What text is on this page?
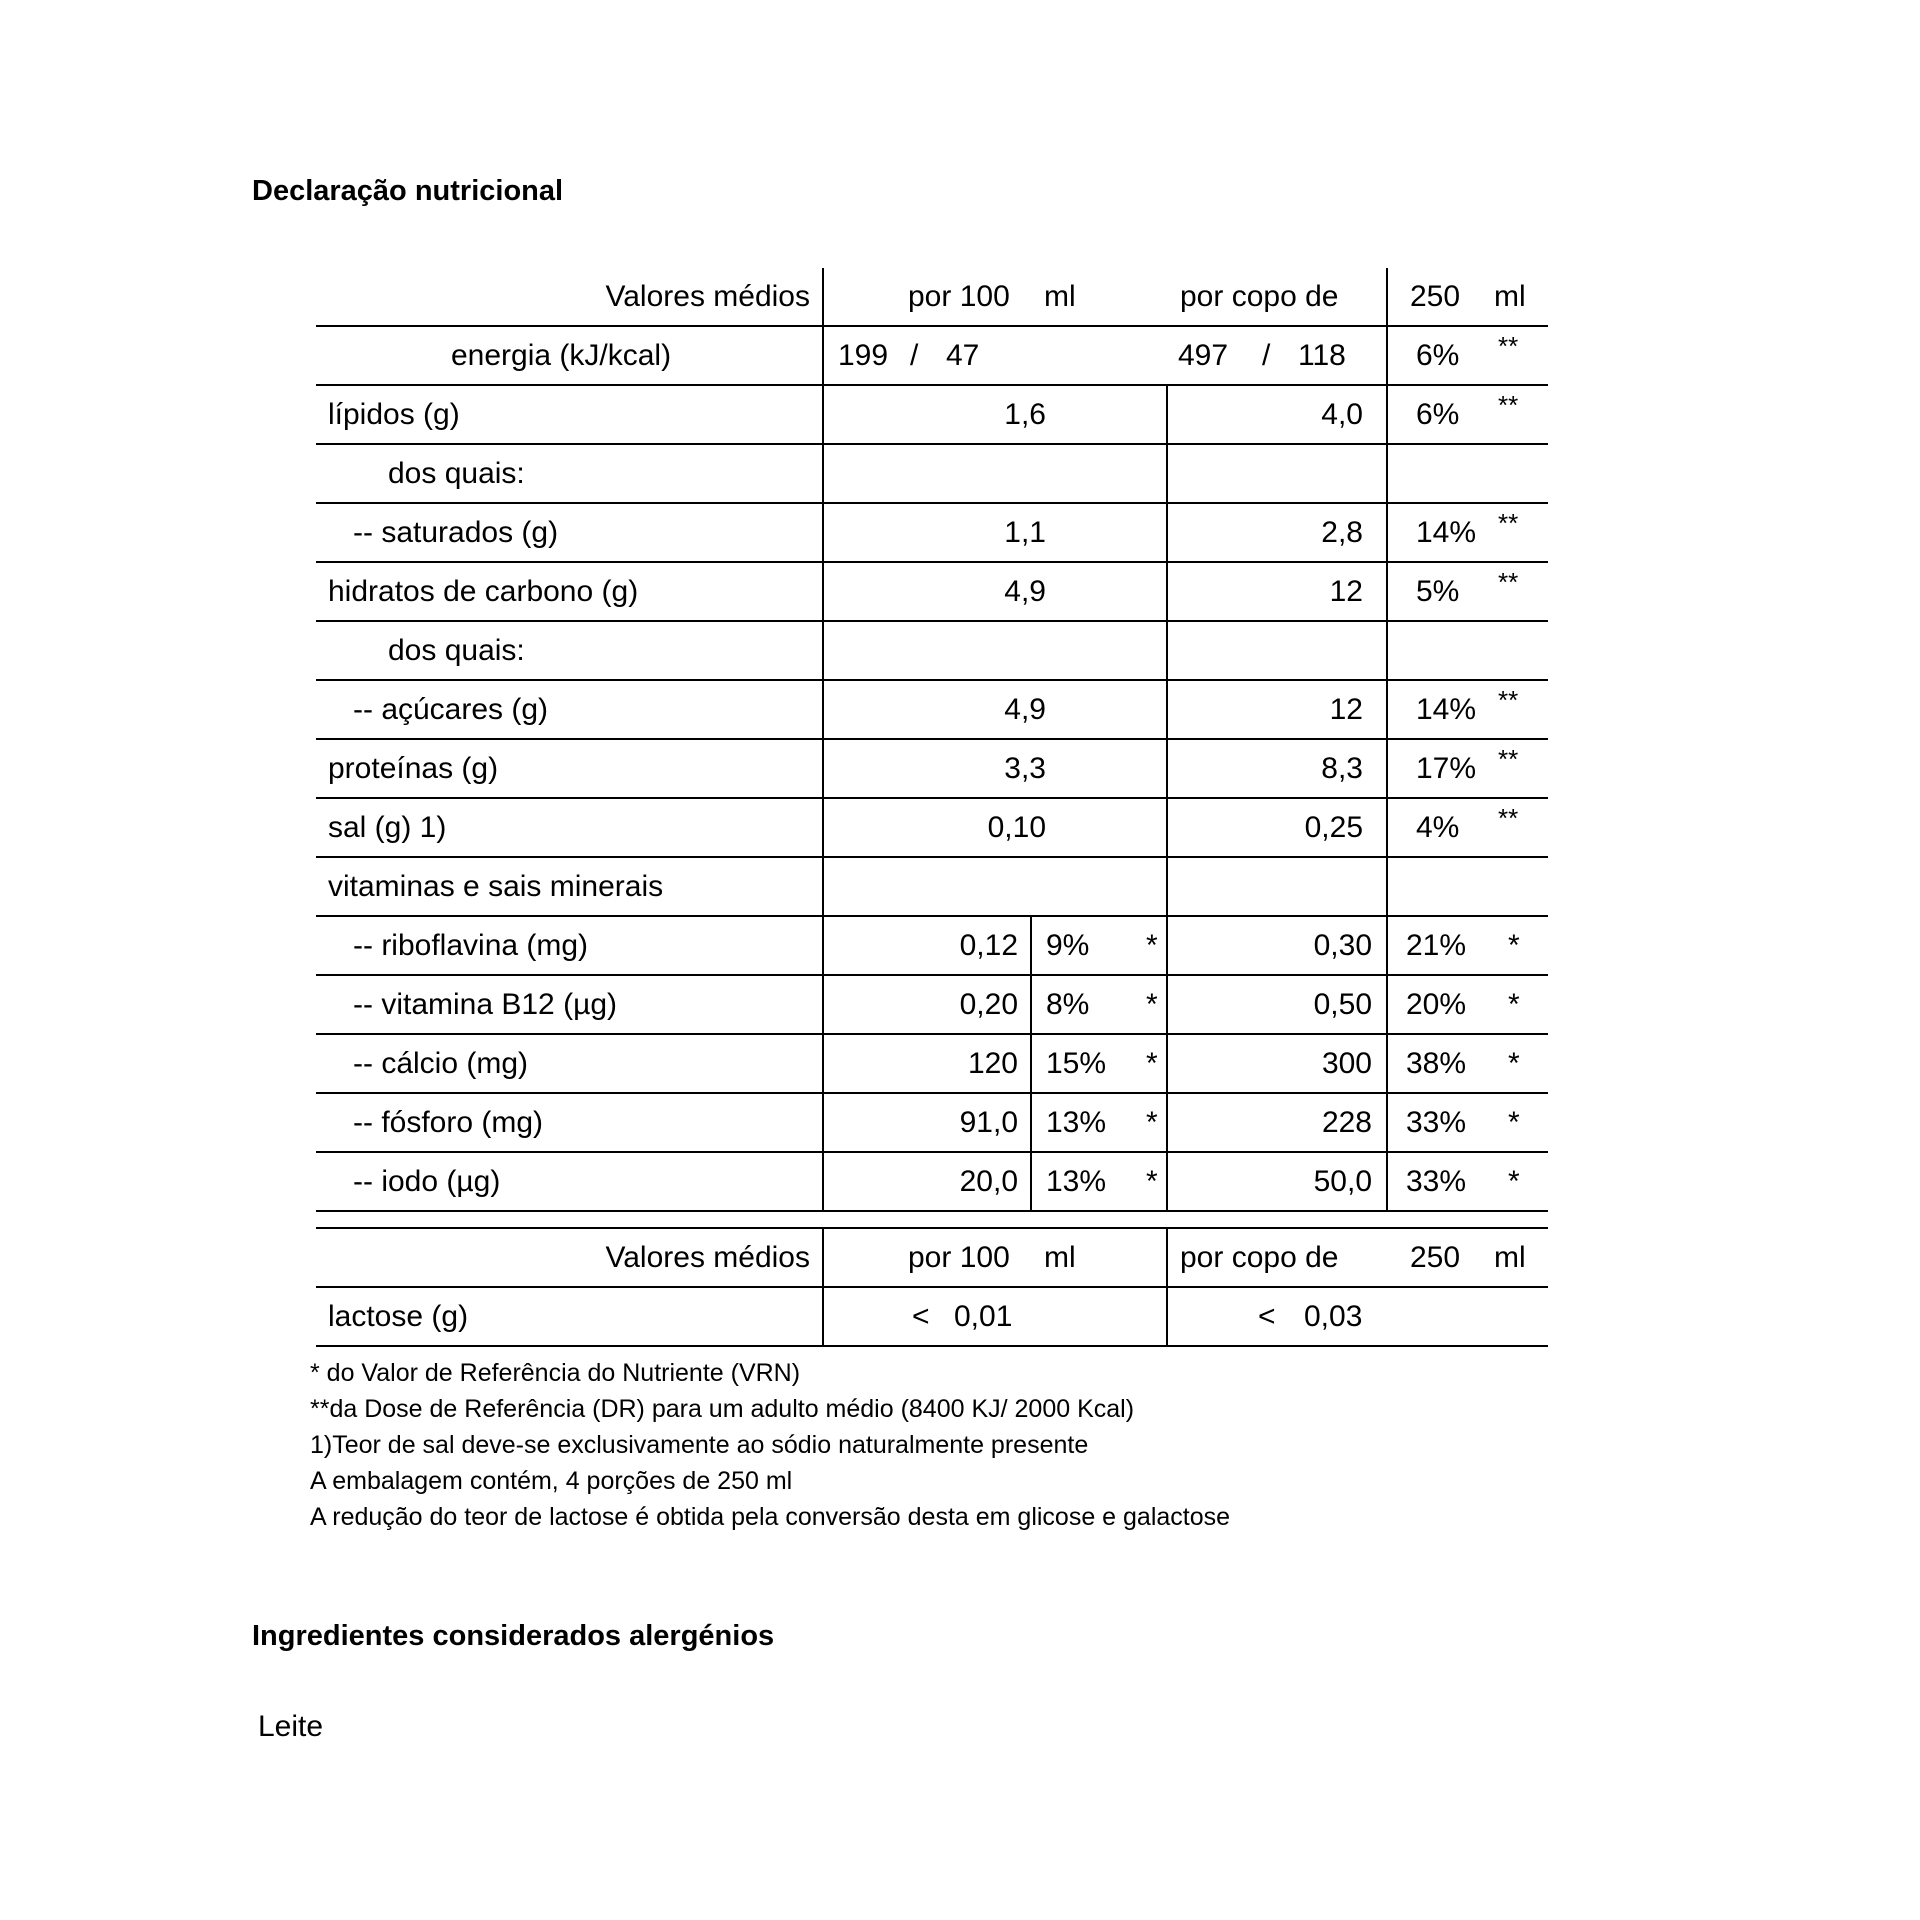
Declaração nutricional
Valores médios	por 100 ml	por copo de 250 ml
energia (kJ/kcal)	199 / 47	497 / 118 6% **
lípidos (g)	1,6	4,0 6% **
dos quais:
-- saturados (g)	1,1	2,8 14% **
hidratos de carbono (g)	4,9	12 5% **
dos quais:
-- açúcares (g)	4,9	12 14% **
proteínas (g)	3,3	8,3 17% **
sal (g) 1)	0,10	0,25 4% **
vitaminas e sais minerais
-- riboflavina (mg)	0,12 9% *	0,30 21% *
-- vitamina B12 (µg)	0,20 8% *	0,50 20% *
-- cálcio (mg)	120 15% *	300 38% *
-- fósforo (mg)	91,0 13% *	228 33% *
-- iodo (µg)	20,0 13% *	50,0 33% *
Valores médios	por 100 ml	por copo de 250 ml
lactose (g)	< 0,01	< 0,03
* do Valor de Referência do Nutriente (VRN)
**da Dose de Referência (DR) para um adulto médio (8400 KJ/ 2000 Kcal)
1)Teor de sal deve-se exclusivamente ao sódio naturalmente presente
A embalagem contém, 4 porções de 250 ml
A redução do teor de lactose é obtida pela conversão desta em glicose e galactose
Ingredientes considerados alergénios
Leite
